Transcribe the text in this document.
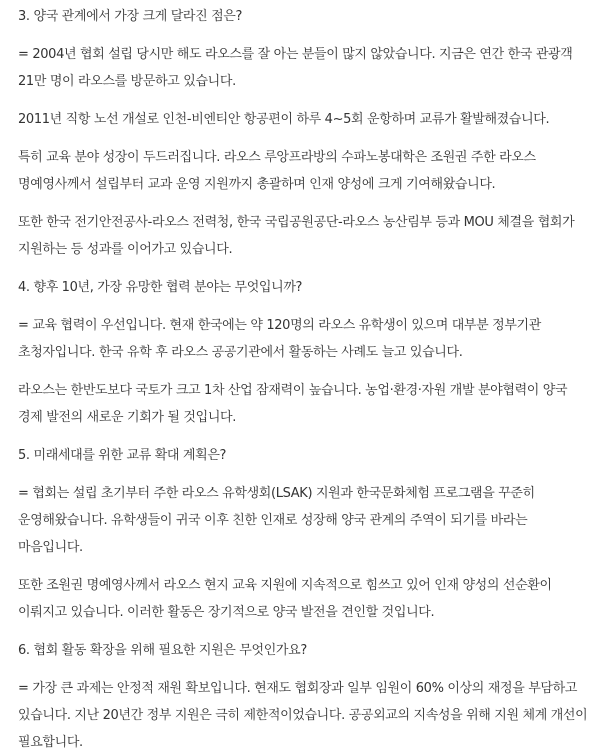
3. 양국 관계에서 가장 크게 달라진 점은?

= 2004년 협회 설립 당시만 해도 라오스를 잘 아는 분들이 많지 않았습니다. 지금은 연간 한국 관광객 21만 명이 라오스를 방문하고 있습니다.

2011년 직항 노선 개설로 인천-비엔티안 항공편이 하루 4~5회 운항하며 교류가 활발해졌습니다.

특히 교육 분야 성장이 두드러집니다. 라오스 루앙프라방의 수파노봉대학은 조원권 주한 라오스 명예영사께서 설립부터 교과 운영 지원까지 총괄하며 인재 양성에 크게 기여해왔습니다.

또한 한국 전기안전공사-라오스 전력청, 한국 국립공원공단-라오스 농산림부 등과 MOU 체결을 협회가 지원하는 등 성과를 이어가고 있습니다.

4. 향후 10년, 가장 유망한 협력 분야는 무엇입니까?

= 교육 협력이 우선입니다. 현재 한국에는 약 120명의 라오스 유학생이 있으며 대부분 정부기관 초청자입니다. 한국 유학 후 라오스 공공기관에서 활동하는 사례도 늘고 있습니다.

라오스는 한반도보다 국토가 크고 1차 산업 잠재력이 높습니다. 농업·환경·자원 개발 분야협력이 양국 경제 발전의 새로운 기회가 될 것입니다.

5. 미래세대를 위한 교류 확대 계획은?

= 협회는 설립 초기부터 주한 라오스 유학생회(LSAK) 지원과 한국문화체험 프로그램을 꾸준히 운영해왔습니다. 유학생들이 귀국 이후 친한 인재로 성장해 양국 관계의 주역이 되기를 바라는 마음입니다.

또한 조원권 명예영사께서 라오스 현지 교육 지원에 지속적으로 힘쓰고 있어 인재 양성의 선순환이 이뤄지고 있습니다. 이러한 활동은 장기적으로 양국 발전을 견인할 것입니다.

6. 협회 활동 확장을 위해 필요한 지원은 무엇인가요?

= 가장 큰 과제는 안정적 재원 확보입니다. 현재도 협회장과 일부 임원이 60% 이상의 재정을 부담하고 있습니다. 지난 20년간 정부 지원은 극히 제한적이었습니다. 공공외교의 지속성을 위해 지원 체계 개선이 필요합니다.
